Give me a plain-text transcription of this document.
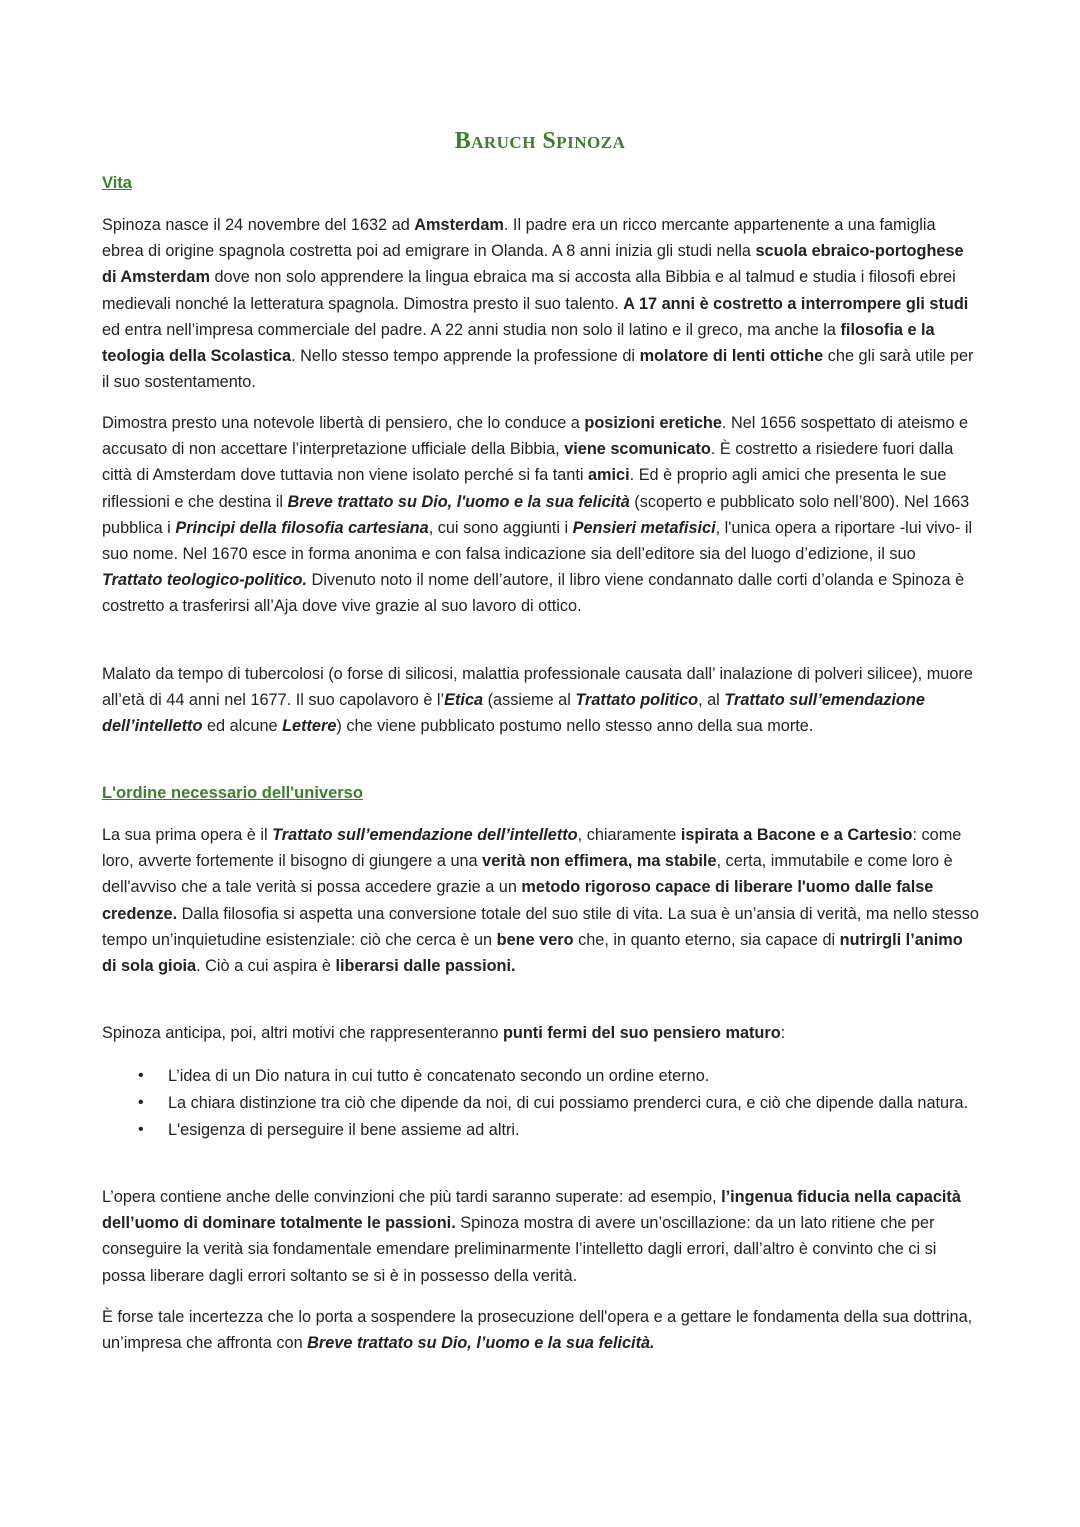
Baruch Spinoza
Vita

Spinoza nasce il 24 novembre del 1632 ad Amsterdam. Il padre era un ricco mercante appartenente a una famiglia ebrea di origine spagnola costretta poi ad emigrare in Olanda. A 8 anni inizia gli studi nella scuola ebraico-portoghese di Amsterdam dove non solo apprendere la lingua ebraica ma si accosta alla Bibbia e al talmud e studia i filosofi ebrei medievali nonché la letteratura spagnola. Dimostra presto il suo talento. A 17 anni è costretto a interrompere gli studi ed entra nell’impresa commerciale del padre. A 22 anni studia non solo il latino e il greco, ma anche la filosofia e la teologia della Scolastica. Nello stesso tempo apprende la professione di molatore di lenti ottiche che gli sarà utile per il suo sostentamento.

Dimostra presto una notevole libertà di pensiero, che lo conduce a posizioni eretiche. Nel 1656 sospettato di ateismo e accusato di non accettare l’interpretazione ufficiale della Bibbia, viene scomunicato. È costretto a risiedere fuori dalla città di Amsterdam dove tuttavia non viene isolato perché si fa tanti amici. Ed è proprio agli amici che presenta le sue riflessioni e che destina il Breve trattato su Dio, l'uomo e la sua felicità (scoperto e pubblicato solo nell’800). Nel 1663 pubblica i Principi della filosofia cartesiana, cui sono aggiunti i Pensieri metafisici, l'unica opera a riportare -lui vivo- il suo nome. Nel 1670 esce in forma anonima e con falsa indicazione sia dell’editore sia del luogo d’edizione, il suo Trattato teologico-politico. Divenuto noto il nome dell’autore, il libro viene condannato dalle corti d’olanda e Spinoza è costretto a trasferirsi all’Aja dove vive grazie al suo lavoro di ottico.

Malato da tempo di tubercolosi (o forse di silicosi, malattia professionale causata dall’ inalazione di polveri silicee), muore all’età di 44 anni nel 1677. Il suo capolavoro è l’Etica (assieme al Trattato politico, al Trattato sull’emendazione dell’intelletto ed alcune Lettere) che viene pubblicato postumo nello stesso anno della sua morte.

L'ordine necessario dell'universo

La sua prima opera è il Trattato sull’emendazione dell’intelletto, chiaramente ispirata a Bacone e a Cartesio: come loro, avverte fortemente il bisogno di giungere a una verità non effimera, ma stabile, certa, immutabile e come loro è dell'avviso che a tale verità si possa accedere grazie a un metodo rigoroso capace di liberare l'uomo dalle false credenze. Dalla filosofia si aspetta una conversione totale del suo stile di vita. La sua è un’ansia di verità, ma nello stesso tempo un’inquietudine esistenziale: ciò che cerca è un bene vero che, in quanto eterno, sia capace di nutrirgli l’animo di sola gioia. Ciò a cui aspira è liberarsi dalle passioni.

Spinoza anticipa, poi, altri motivi che rappresenteranno punti fermi del suo pensiero maturo:

• L’idea di un Dio natura in cui tutto è concatenato secondo un ordine eterno.
• La chiara distinzione tra ciò che dipende da noi, di cui possiamo prenderci cura, e ciò che dipende dalla natura.
• L'esigenza di perseguire il bene assieme ad altri.

L’opera contiene anche delle convinzioni che più tardi saranno superate: ad esempio, l’ingenua fiducia nella capacità dell’uomo di dominare totalmente le passioni. Spinoza mostra di avere un’oscillazione: da un lato ritiene che per conseguire la verità sia fondamentale emendare preliminarmente l’intelletto dagli errori, dall’altro è convinto che ci si possa liberare dagli errori soltanto se si è in possesso della verità.

È forse tale incertezza che lo porta a sospendere la prosecuzione dell'opera e a gettare le fondamenta della sua dottrina, un’impresa che affronta con Breve trattato su Dio, l’uomo e la sua felicità.
